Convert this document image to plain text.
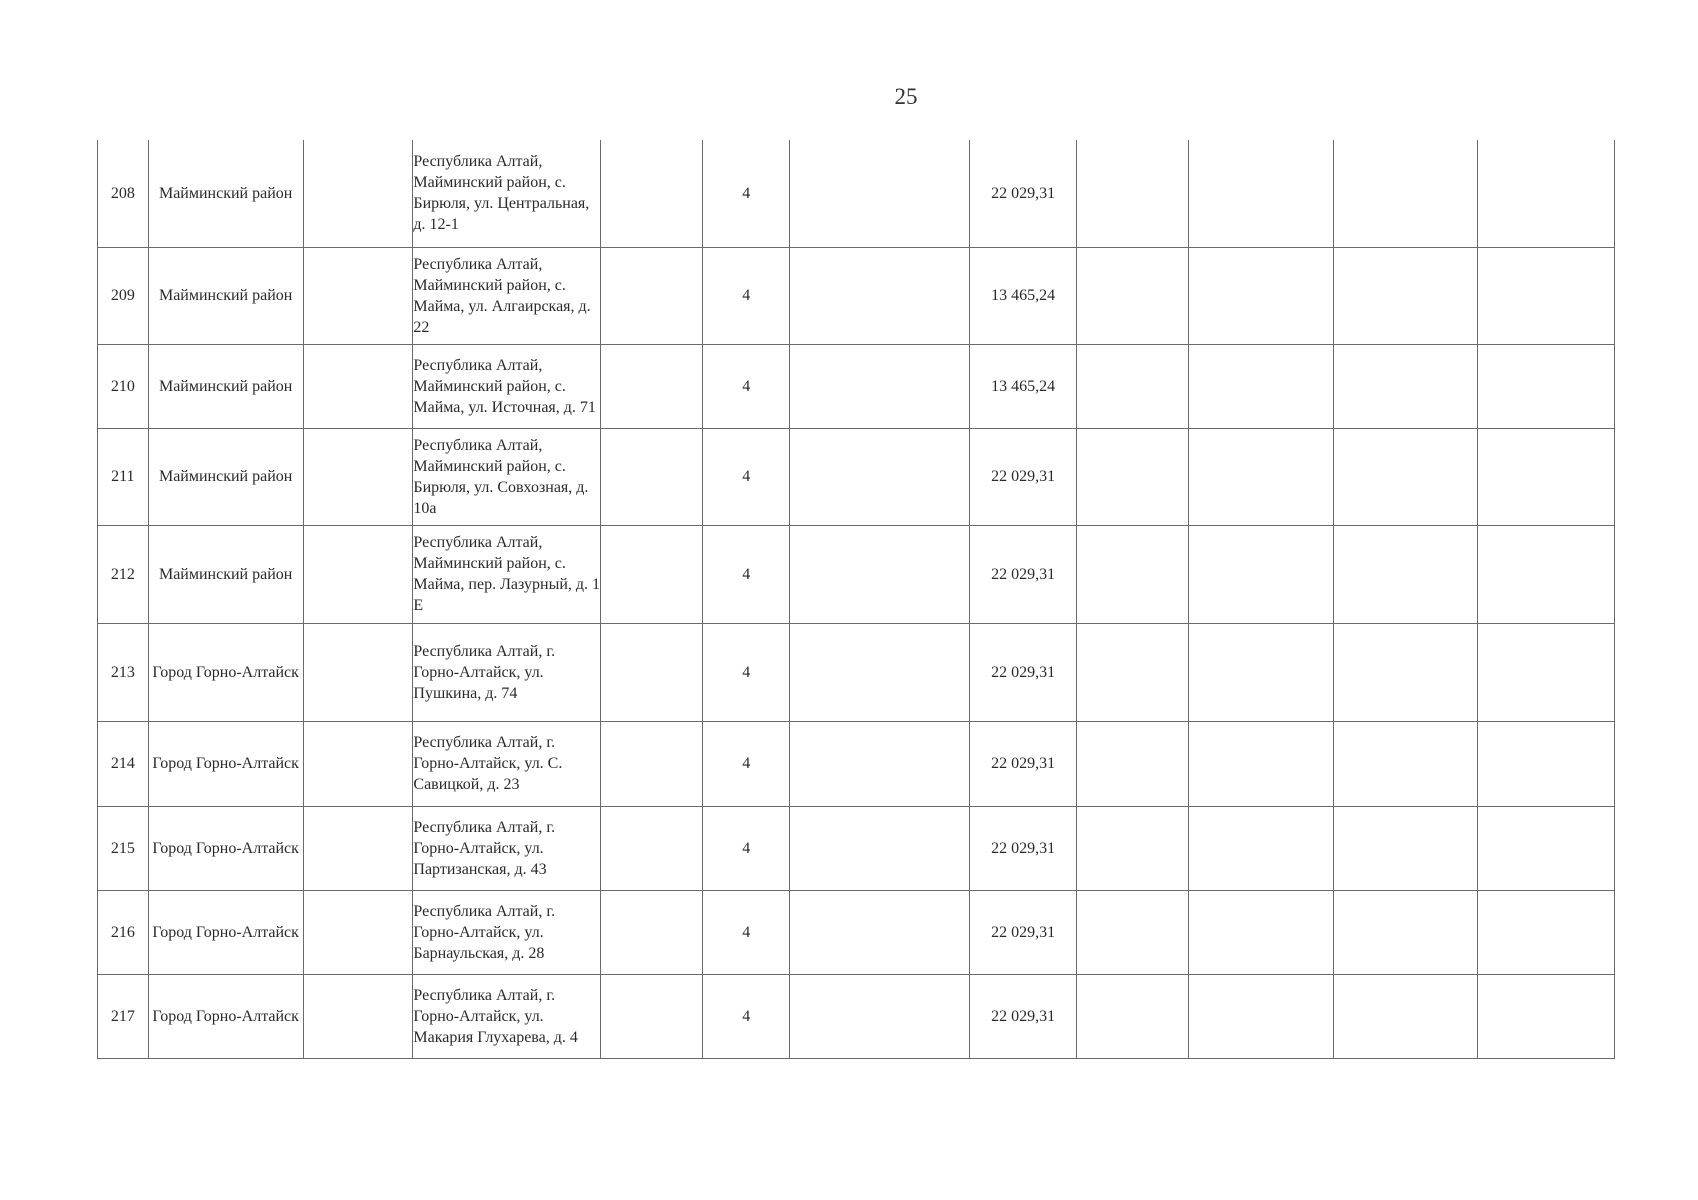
25
208	Майминский район		Республика Алтай, Майминский район, с. Бирюля, ул. Центральная, д. 12-1		4		22 029,31				
209	Майминский район		Республика Алтай, Майминский район, с. Майма, ул. Алгаирская, д. 22		4		13 465,24				
210	Майминский район		Республика Алтай, Майминский район, с. Майма, ул. Источная, д. 71		4		13 465,24				
211	Майминский район		Республика Алтай, Майминский район, с. Бирюля, ул. Совхозная, д. 10а		4		22 029,31				
212	Майминский район		Республика Алтай, Майминский район, с. Майма, пер. Лазурный, д. 1 Е		4		22 029,31				
213	Город Горно-Алтайск		Республика Алтай, г. Горно-Алтайск, ул. Пушкина, д. 74		4		22 029,31				
214	Город Горно-Алтайск		Республика Алтай, г. Горно-Алтайск, ул. С. Савицкой, д. 23		4		22 029,31				
215	Город Горно-Алтайск		Республика Алтай, г. Горно-Алтайск, ул. Партизанская, д. 43		4		22 029,31				
216	Город Горно-Алтайск		Республика Алтай, г. Горно-Алтайск, ул. Барнаульская, д. 28		4		22 029,31				
217	Город Горно-Алтайск		Республика Алтай, г. Горно-Алтайск, ул. Макария Глухарева, д. 4		4		22 029,31				
